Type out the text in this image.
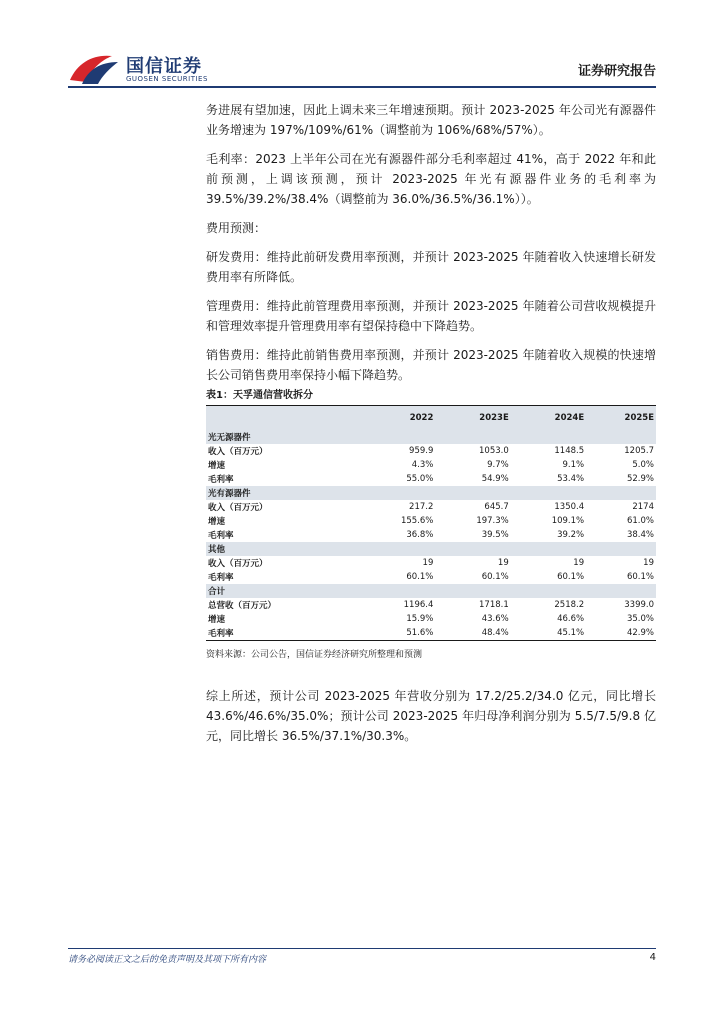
国信证券
GUOSEN SECURITIES	证券研究报告

务进展有望加速，因此上调未来三年增速预期。预计 2023-2025 年公司光有源器件业务增速为 197%/109%/61%（调整前为 106%/68%/57%）。

毛利率：2023 上半年公司在光有源器件部分毛利率超过 41%，高于 2022 年和此前预测，上调该预测，预计 2023-2025 年光有源器件业务的毛利率为 39.5%/39.2%/38.4%（调整前为 36.0%/36.5%/36.1%））。

费用预测：

研发费用：维持此前研发费用率预测，并预计 2023-2025 年随着收入快速增长研发费用率有所降低。

管理费用：维持此前管理费用率预测，并预计 2023-2025 年随着公司营收规模提升和管理效率提升管理费用率有望保持稳中下降趋势。

销售费用：维持此前销售费用率预测，并预计 2023-2025 年随着收入规模的快速增长公司销售费用率保持小幅下降趋势。

表1：天孚通信营收拆分
	2022	2023E	2024E	2025E
光无源器件				
收入（百万元）	959.9	1053.0	1148.5	1205.7
增速	4.3%	9.7%	9.1%	5.0%
毛利率	55.0%	54.9%	53.4%	52.9%
光有源器件				
收入（百万元）	217.2	645.7	1350.4	2174
增速	155.6%	197.3%	109.1%	61.0%
毛利率	36.8%	39.5%	39.2%	38.4%
其他				
收入（百万元）	19	19	19	19
毛利率	60.1%	60.1%	60.1%	60.1%
合计				
总营收（百万元）	1196.4	1718.1	2518.2	3399.0
增速	15.9%	43.6%	46.6%	35.0%
毛利率	51.6%	48.4%	45.1%	42.9%
资料来源：公司公告，国信证券经济研究所整理和预测

综上所述，预计公司 2023-2025 年营收分别为 17.2/25.2/34.0 亿元，同比增长 43.6%/46.6%/35.0%；预计公司 2023-2025 年归母净利润分别为 5.5/7.5/9.8 亿元，同比增长 36.5%/37.1%/30.3%。

请务必阅读正文之后的免责声明及其项下所有内容	4
